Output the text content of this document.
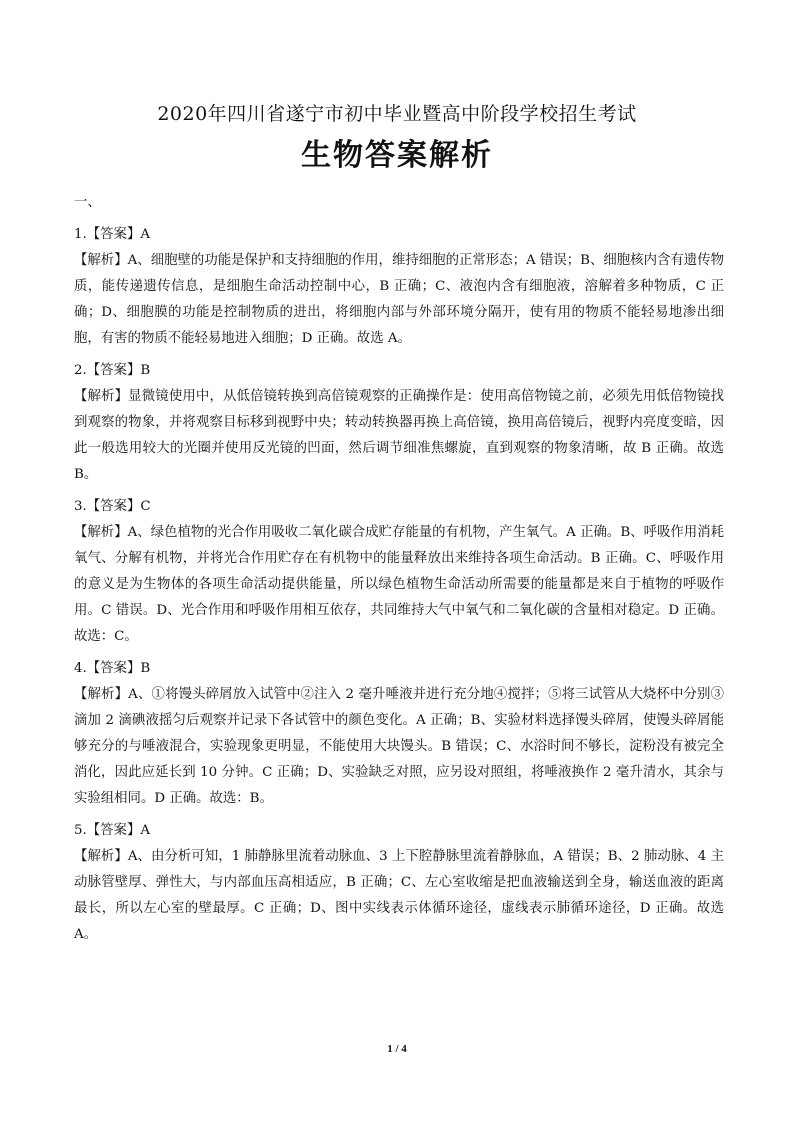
2020年四川省遂宁市初中毕业暨高中阶段学校招生考试
生物答案解析

一、

1.【答案】A

【解析】A、细胞壁的功能是保护和支持细胞的作用，维持细胞的正常形态；A 错误；B、细胞核内含有遗传物质，能传递遗传信息，是细胞生命活动控制中心，B 正确；C、液泡内含有细胞液，溶解着多种物质，C 正确；D、细胞膜的功能是控制物质的进出，将细胞内部与外部环境分隔开，使有用的物质不能轻易地渗出细胞，有害的物质不能轻易地进入细胞；D 正确。故选 A。

2.【答案】B

【解析】显微镜使用中，从低倍镜转换到高倍镜观察的正确操作是：使用高倍物镜之前，必须先用低倍物镜找到观察的物象，并将观察目标移到视野中央；转动转换器再换上高倍镜，换用高倍镜后，视野内亮度变暗，因此一般选用较大的光圈并使用反光镜的凹面，然后调节细准焦螺旋，直到观察的物象清晰，故 B 正确。故选 B。

3.【答案】C

【解析】A、绿色植物的光合作用吸收二氧化碳合成贮存能量的有机物，产生氧气。A 正确。B、呼吸作用消耗氧气、分解有机物，并将光合作用贮存在有机物中的能量释放出来维持各项生命活动。B 正确。C、呼吸作用的意义是为生物体的各项生命活动提供能量，所以绿色植物生命活动所需要的能量都是来自于植物的呼吸作用。C 错误。D、光合作用和呼吸作用相互依存，共同维持大气中氧气和二氧化碳的含量相对稳定。D 正确。故选：C。

4.【答案】B

【解析】A、①将馒头碎屑放入试管中②注入 2 毫升唾液并进行充分地④搅拌；⑤将三试管从大烧杯中分别③滴加 2 滴碘液摇匀后观察并记录下各试管中的颜色变化。A 正确；B、实验材料选择馒头碎屑，使馒头碎屑能够充分的与唾液混合，实验现象更明显，不能使用大块馒头。B 错误；C、水浴时间不够长，淀粉没有被完全消化，因此应延长到 10 分钟。C 正确；D、实验缺乏对照，应另设对照组，将唾液换作 2 毫升清水，其余与实验组相同。D 正确。故选：B。

5.【答案】A

【解析】A、由分析可知，1 肺静脉里流着动脉血、3 上下腔静脉里流着静脉血，A 错误；B、2 肺动脉、4 主动脉管壁厚、弹性大，与内部血压高相适应，B 正确；C、左心室收缩是把血液输送到全身，输送血液的距离最长，所以左心室的壁最厚。C 正确；D、图中实线表示体循环途径，虚线表示肺循环途径，D 正确。故选 A。

1 / 4
